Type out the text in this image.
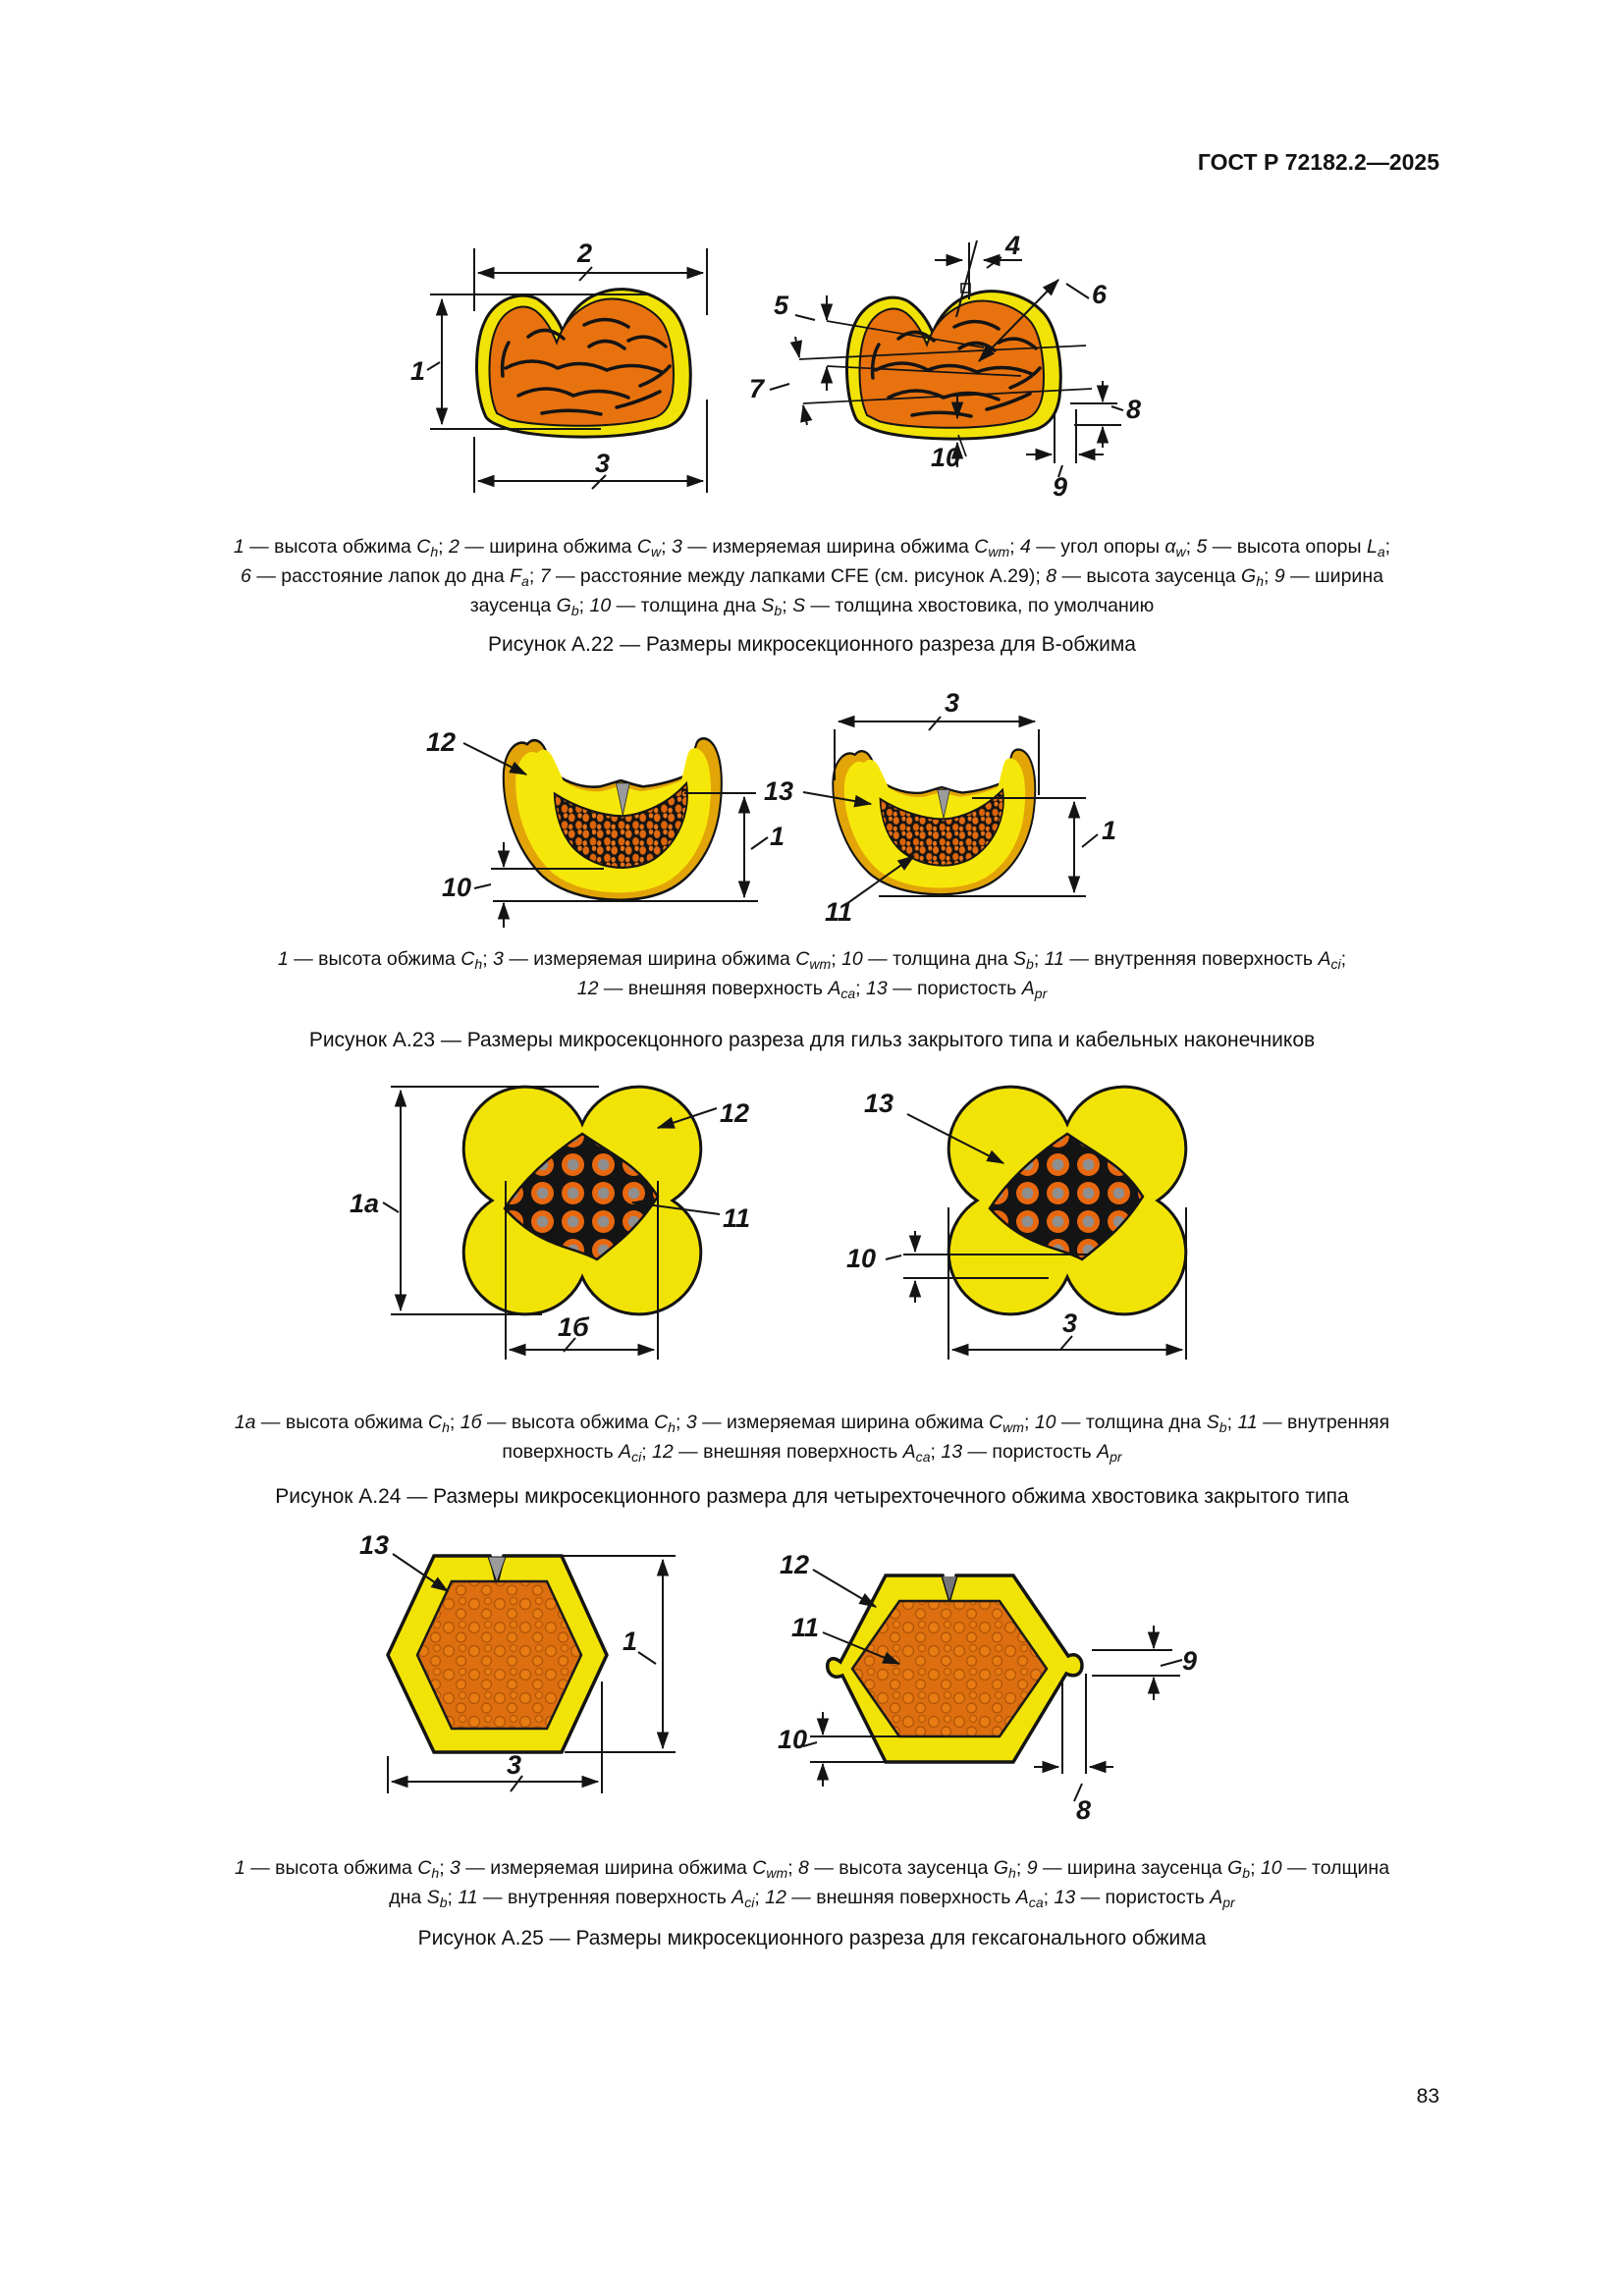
ГОСТ Р 72182.2—2025
2
1
3
4
5	6
7
8
9
10
1 — высота обжима $C_h$; 2 — ширина обжима $C_w$; 3 — измеряемая ширина обжима $C_{wm}$; 4 — угол опоры $\alpha_w$; 5 — высота опоры $L_a$;
6 — расстояние лапок до дна $F_a$; 7 — расстояние между лапками CFE (см. рисунок А.29); 8 — высота заусенца $G_h$; 9 — ширина
заусенца $G_b$; 10 — толщина дна $S_b$; S — толщина хвостовика, по умолчанию
Рисунок А.22 — Размеры микросекционного разреза для В-обжима
12
10
1
13
3
11
1
1 — высота обжима $C_h$; 3 — измеряемая ширина обжима $C_{wm}$; 10 — толщина дна $S_b$; 11 — внутренняя поверхность $A_{ci}$;
12 — внешняя поверхность $A_{ca}$; 13 — пористость $A_{pr}$
Рисунок А.23 — Размеры микросекцонного разреза для гильз закрытого типа и кабельных наконечников
1а
12
11
1б
13
10
3
1а — высота обжима $C_h$; 1б — высота обжима $C_h$; 3 — измеряемая ширина обжима $C_{wm}$; 10 — толщина дна $S_b$; 11 — внутренняя
поверхность $A_{ci}$; 12 — внешняя поверхность $A_{ca}$; 13 — пористость $A_{pr}$
Рисунок А.24 — Размеры микросекционного размера для четырехточечного обжима хвостовика закрытого типа
13
1
3
12
11
9
10
8
1 — высота обжима $C_h$; 3 — измеряемая ширина обжима $C_{wm}$; 8 — высота заусенца $G_h$; 9 — ширина заусенца $G_b$; 10 — толщина
дна $S_b$; 11 — внутренняя поверхность $A_{ci}$; 12 — внешняя поверхность $A_{ca}$; 13 — пористость $A_{pr}$
Рисунок А.25 — Размеры микросекционного разреза для гексагонального обжима
83
